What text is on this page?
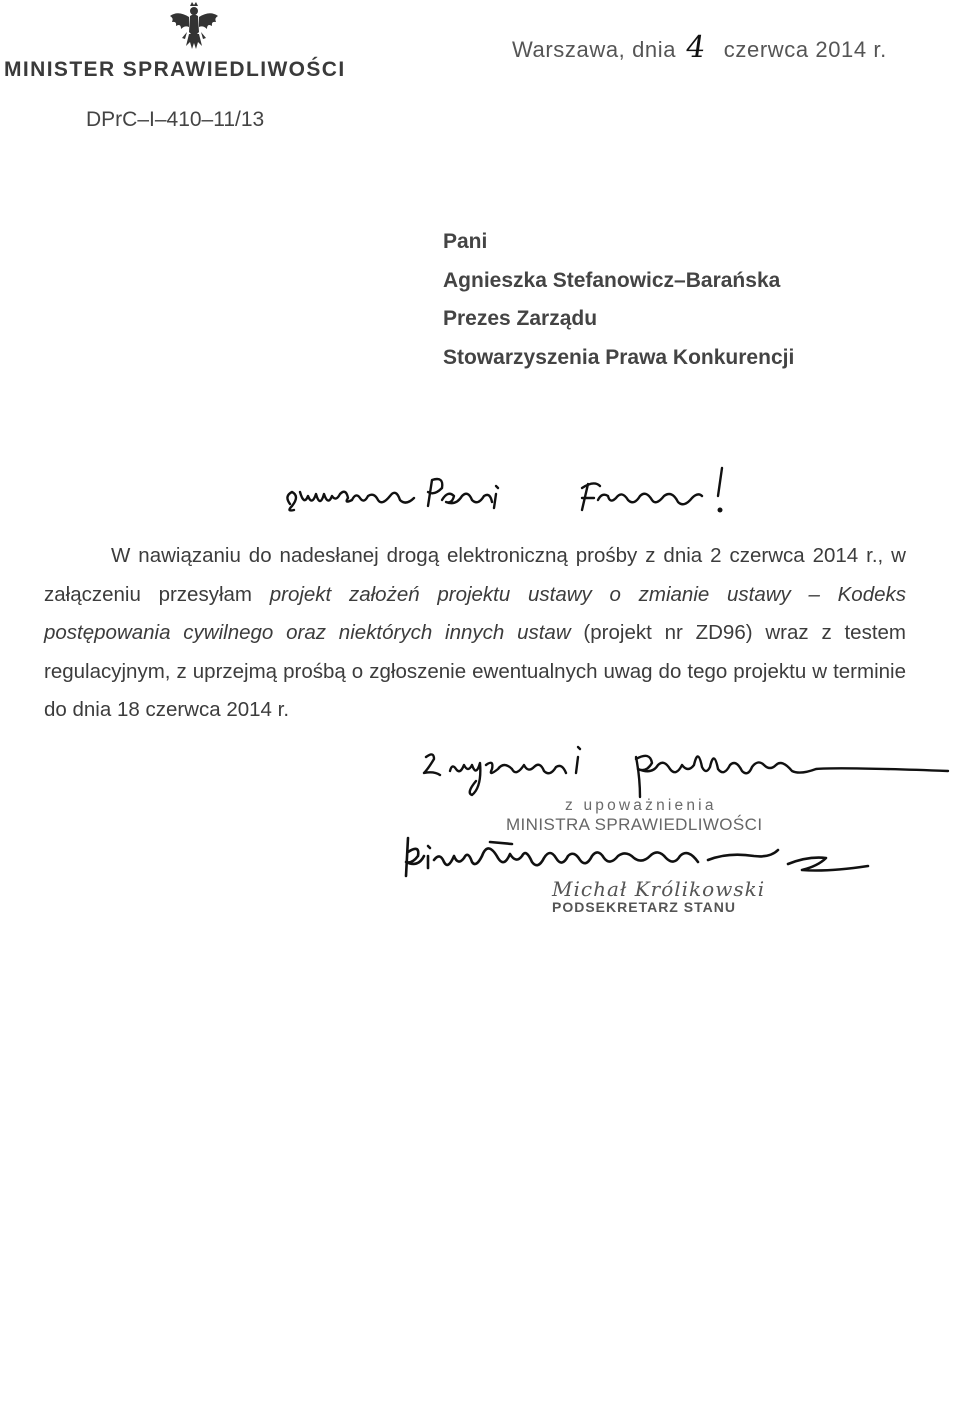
MINISTER SPRAWIEDLIWOŚCI
Warszawa, dnia 4 czerwca 2014 r.
DPrC–I–410–11/13
Pani
Agnieszka Stefanowicz–Barańska
Prezes Zarządu
Stowarzyszenia Prawa Konkurencji

W nawiązaniu do nadesłanej drogą elektroniczną prośby z dnia 2 czerwca 2014 r., w załączeniu przesyłam projekt założeń projektu ustawy o zmianie ustawy – Kodeks postępowania cywilnego oraz niektórych innych ustaw (projekt nr ZD96) wraz z testem regulacyjnym, z uprzejmą prośbą o zgłoszenie ewentualnych uwag do tego projektu w terminie do dnia 18 czerwca 2014 r.

z upoważnienia
MINISTRA SPRAWIEDLIWOŚCI
Michał Królikowski
PODSEKRETARZ STANU
